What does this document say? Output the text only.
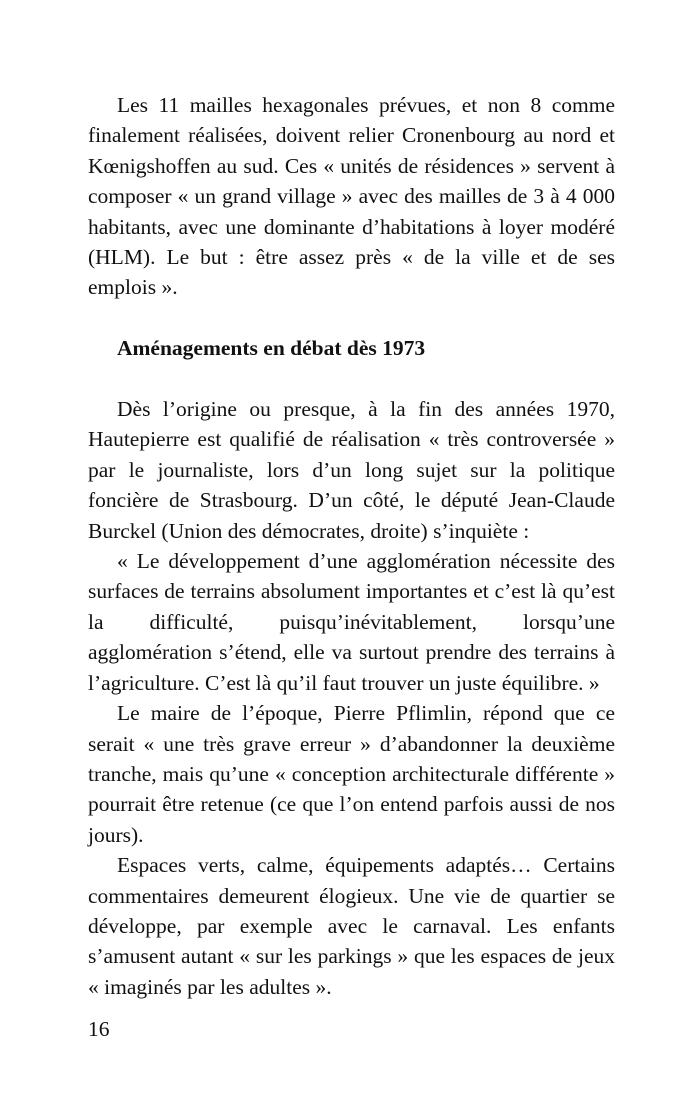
Les 11 mailles hexagonales prévues, et non 8 comme finalement réalisées, doivent relier Cronenbourg au nord et Kœnigshoffen au sud. Ces « unités de résidences » servent à composer « un grand village » avec des mailles de 3 à 4 000 habitants, avec une dominante d’habitations à loyer modéré (HLM). Le but : être assez près « de la ville et de ses emplois ».

Aménagements en débat dès 1973

Dès l’origine ou presque, à la fin des années 1970, Hautepierre est qualifié de réalisation « très controversée » par le journaliste, lors d’un long sujet sur la politique foncière de Strasbourg. D’un côté, le député Jean-Claude Burckel (Union des démocrates, droite) s’inquiète :

« Le développement d’une agglomération nécessite des surfaces de terrains absolument importantes et c’est là qu’est la difficulté, puisqu’inévitablement, lorsqu’une agglomération s’étend, elle va surtout prendre des terrains à l’agriculture. C’est là qu’il faut trouver un juste équilibre. »

Le maire de l’époque, Pierre Pflimlin, répond que ce serait « une très grave erreur » d’abandonner la deuxième tranche, mais qu’une « conception architecturale différente » pourrait être retenue (ce que l’on entend parfois aussi de nos jours).

Espaces verts, calme, équipements adaptés… Certains commentaires demeurent élogieux. Une vie de quartier se développe, par exemple avec le carnaval. Les enfants s’amusent autant « sur les parkings » que les espaces de jeux « imaginés par les adultes ».

16
